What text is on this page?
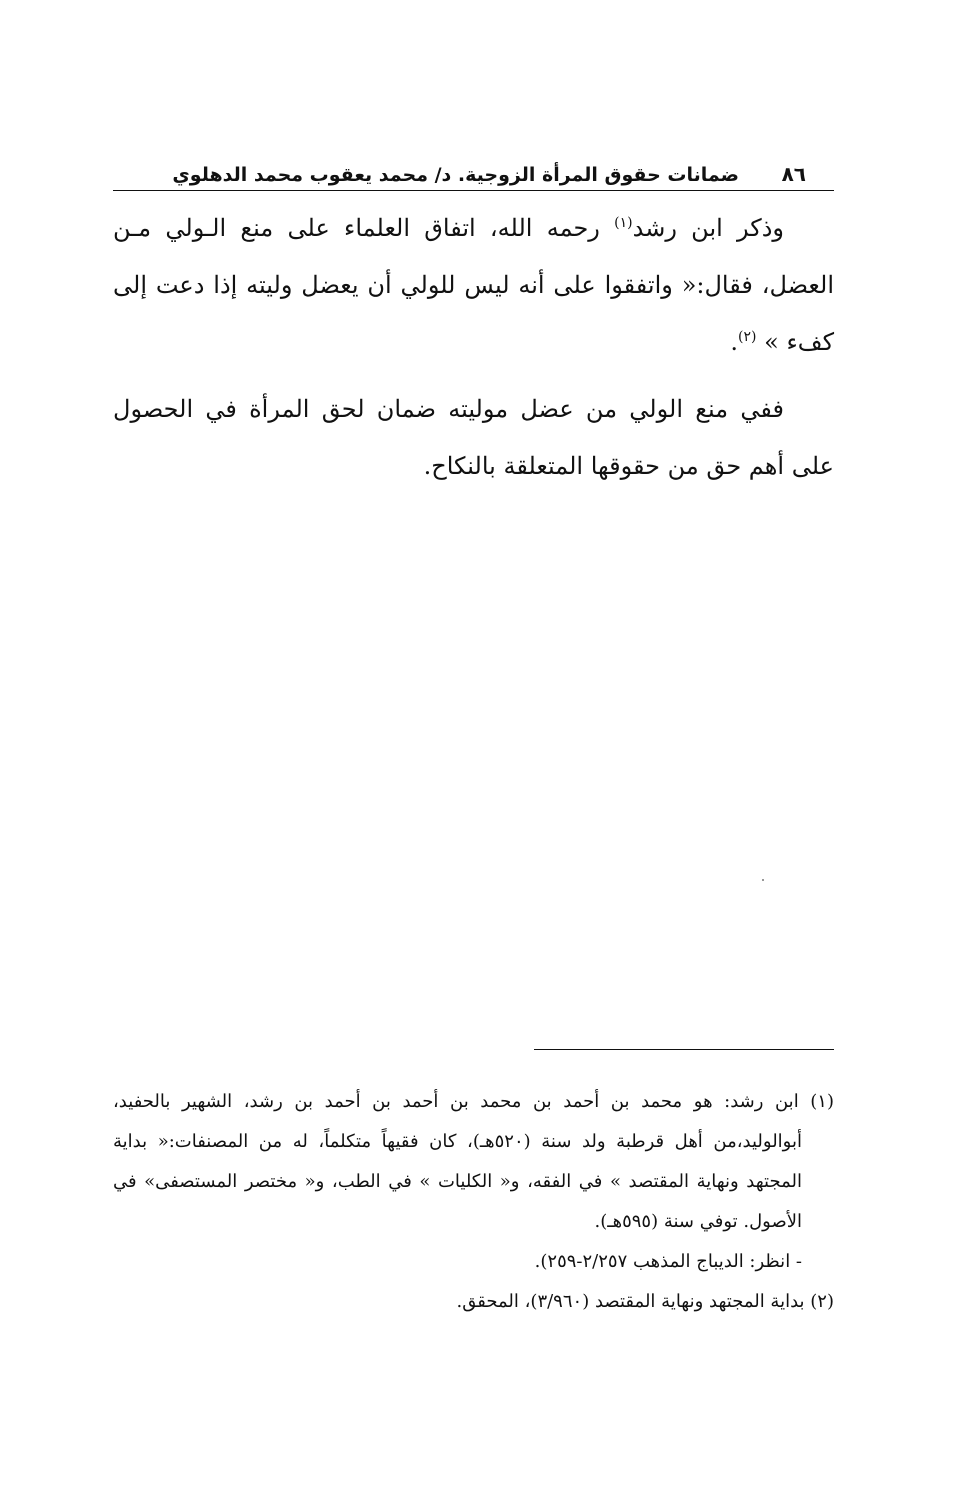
٨٦
ضمانات حقوق المرأة الزوجية. د/ محمد يعقوب محمد الدهلوي

وذكر ابن رشد$^{(١)}$ رحمه الله، اتفاق العلماء على منع الـولي مـن العضل، فقال:« واتفقوا على أنه ليس للولي أن يعضل وليته إذا دعت إلى كفء » $^{(٢)}$.

ففي منع الولي من عضل موليته ضمان لحق المرأة في الحصول على أهم حق من حقوقها المتعلقة بالنكاح.

(١) ابن رشد: هو محمد بن أحمد بن محمد بن أحمد بن أحمد بن رشد، الشهير بالحفيد، أبوالوليد،من أهل قرطبة ولد سنة (٥٢٠هـ)، كان فقيهاً متكلماً، له من المصنفات:« بداية المجتهد ونهاية المقتصد » في الفقه، و« الكليات » في الطب، و« مختصر المستصفى» في الأصول. توفي سنة (٥٩٥هـ).

- انظر: الديباج المذهب ٢/٢٥٧-٢٥٩).

(٢) بداية المجتهد ونهاية المقتصد (٣/٩٦٠)، المحقق.
